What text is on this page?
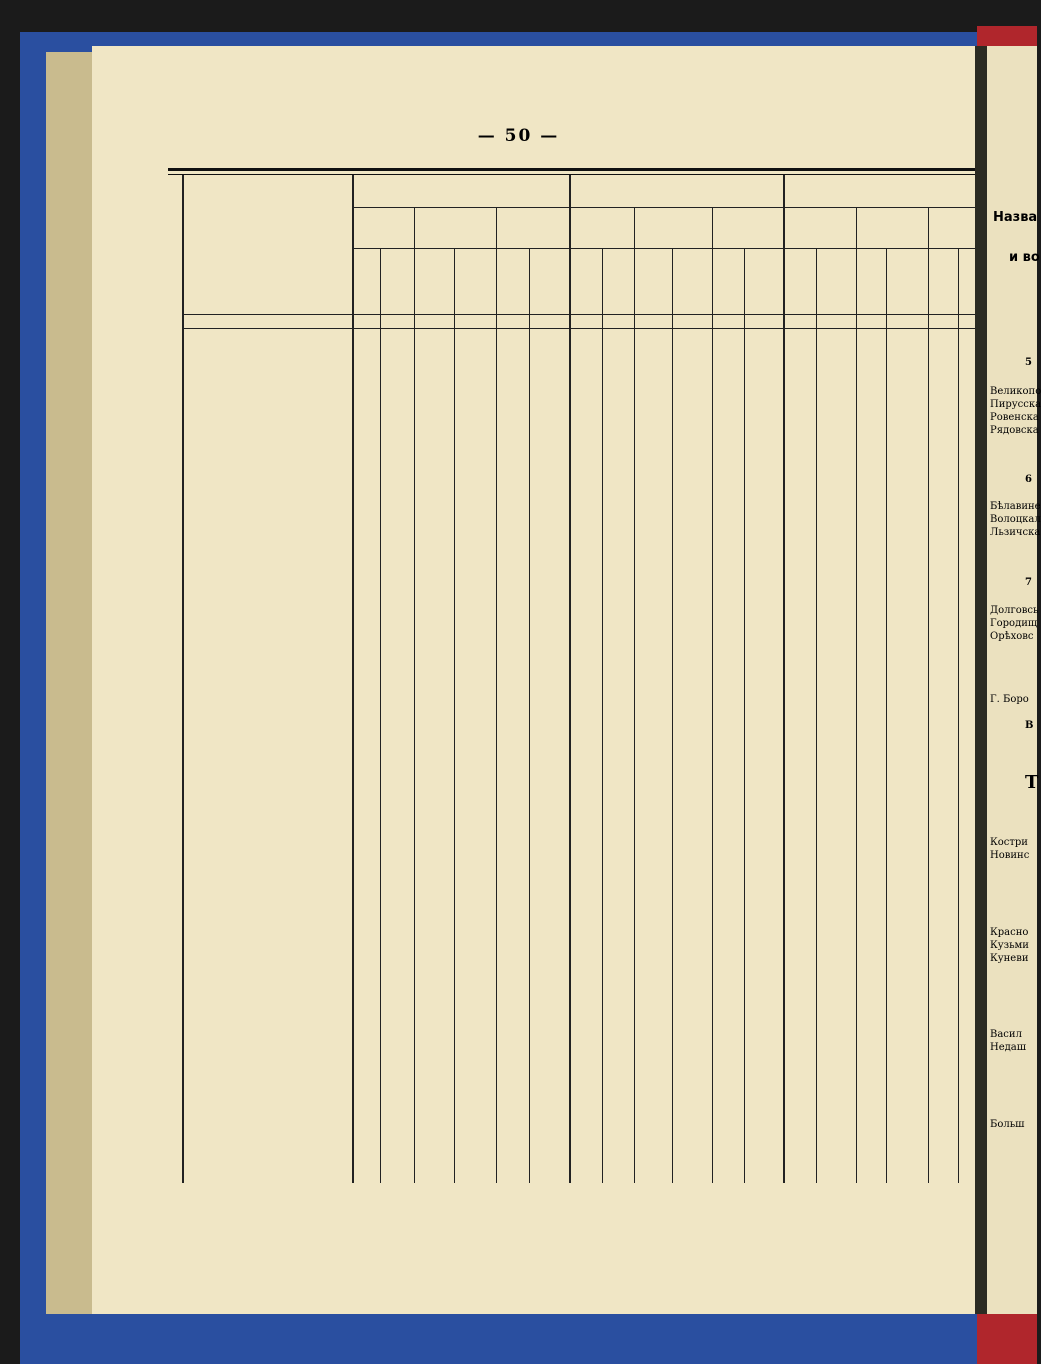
Назва
и во
5
Великопо
Пирусска
Ровенска
Рядовска
6
Бѣлавине
Волоцкал
Льзичска
7
Долговсь
Городищ
Орѣховс
Г. Боро
В
Т
Костри
Новинс
Красно
Кузьми
Куневи
Васил
Недаш
Больш
— 50 —
